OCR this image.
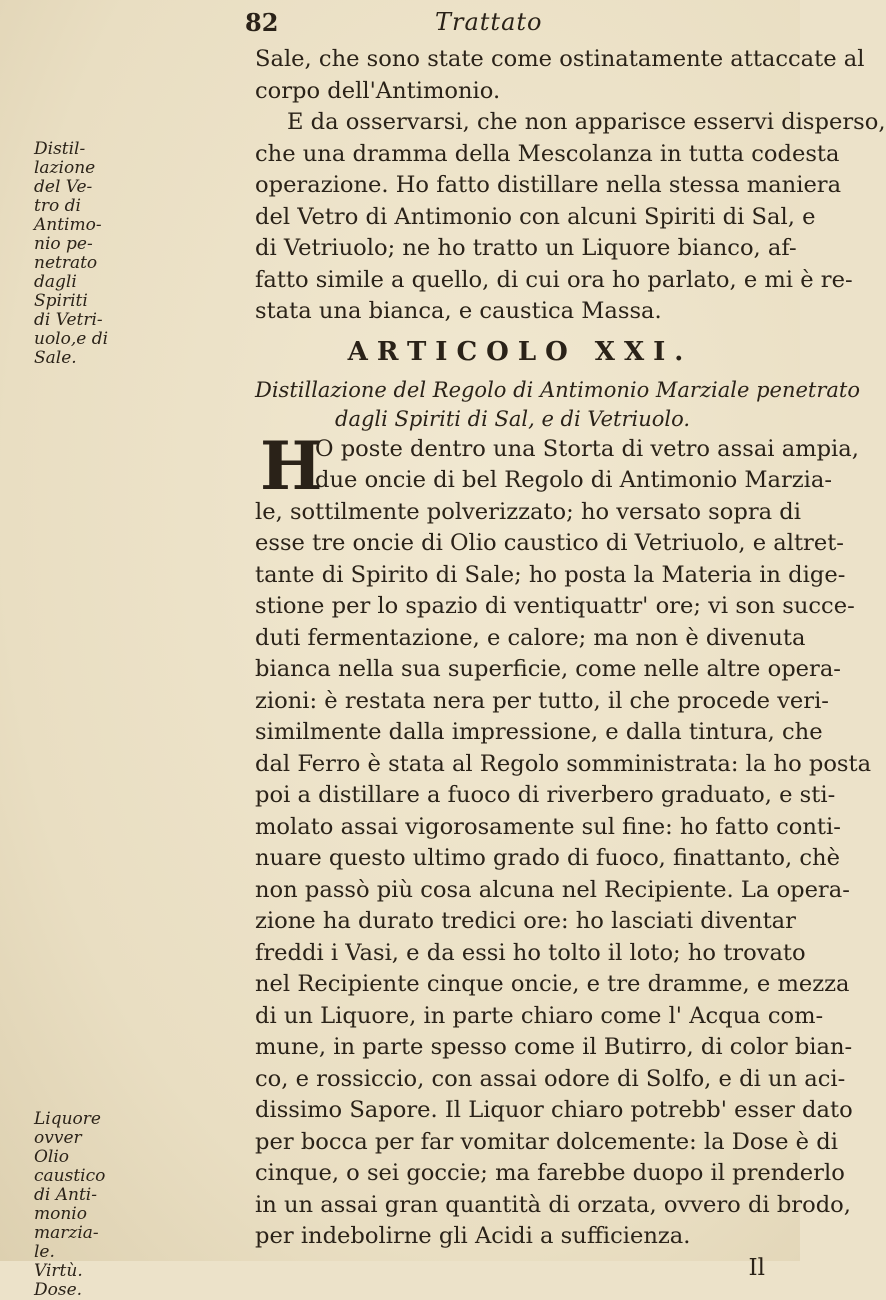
82	Trattato
Distil-
lazione
del Ve-
tro di
Antimo-
nio pe-
netrato
dagli
Spiriti
di Vetri-
uolo,e di
Sale.
Liquore
ovver
Olio
caustico
di Anti-
monio
marzia-
le.
Virtù.
Dose.
Sale, che sono state come ostinatamente attaccate al
corpo dell'Antimonio.
E da osservarsi, che non apparisce esservi disperso,
che una dramma della Mescolanza in tutta codesta
operazione. Ho fatto distillare nella stessa maniera
del Vetro di Antimonio con alcuni Spiriti di Sal, e
di Vetriuolo; ne ho tratto un Liquore bianco, af-
fatto simile a quello, di cui ora ho parlato, e mi è re-
stata una bianca, e caustica Massa.
ARTICOLO XXI.
Distillazione del Regolo di Antimonio Marziale penetrato
dagli Spiriti di Sal, e di Vetriuolo.
H
O poste dentro una Storta di vetro assai ampia,
due oncie di bel Regolo di Antimonio Marzia-
le, sottilmente polverizzato; ho versato sopra di
esse tre oncie di Olio caustico di Vetriuolo, e altret-
tante di Spirito di Sale; ho posta la Materia in dige-
stione per lo spazio di ventiquattr' ore; vi son succe-
duti fermentazione, e calore; ma non è divenuta
bianca nella sua superficie, come nelle altre opera-
zioni: è restata nera per tutto, il che procede veri-
similmente dalla impressione, e dalla tintura, che
dal Ferro è stata al Regolo somministrata: la ho posta
poi a distillare a fuoco di riverbero graduato, e sti-
molato assai vigorosamente sul fine: ho fatto conti-
nuare questo ultimo grado di fuoco, finattanto, chè
non passò più cosa alcuna nel Recipiente. La opera-
zione ha durato tredici ore: ho lasciati diventar
freddi i Vasi, e da essi ho tolto il loto; ho trovato
nel Recipiente cinque oncie, e tre dramme, e mezza
di un Liquore, in parte chiaro come l' Acqua com-
mune, in parte spesso come il Butirro, di color bian-
co, e rossiccio, con assai odore di Solfo, e di un aci-
dissimo Sapore. Il Liquor chiaro potrebb' esser dato
per bocca per far vomitar dolcemente: la Dose è di
cinque, o sei goccie; ma farebbe duopo il prenderlo
in un assai gran quantità di orzata, ovvero di brodo,
per indebolirne gli Acidi a sufficienza.
Il
